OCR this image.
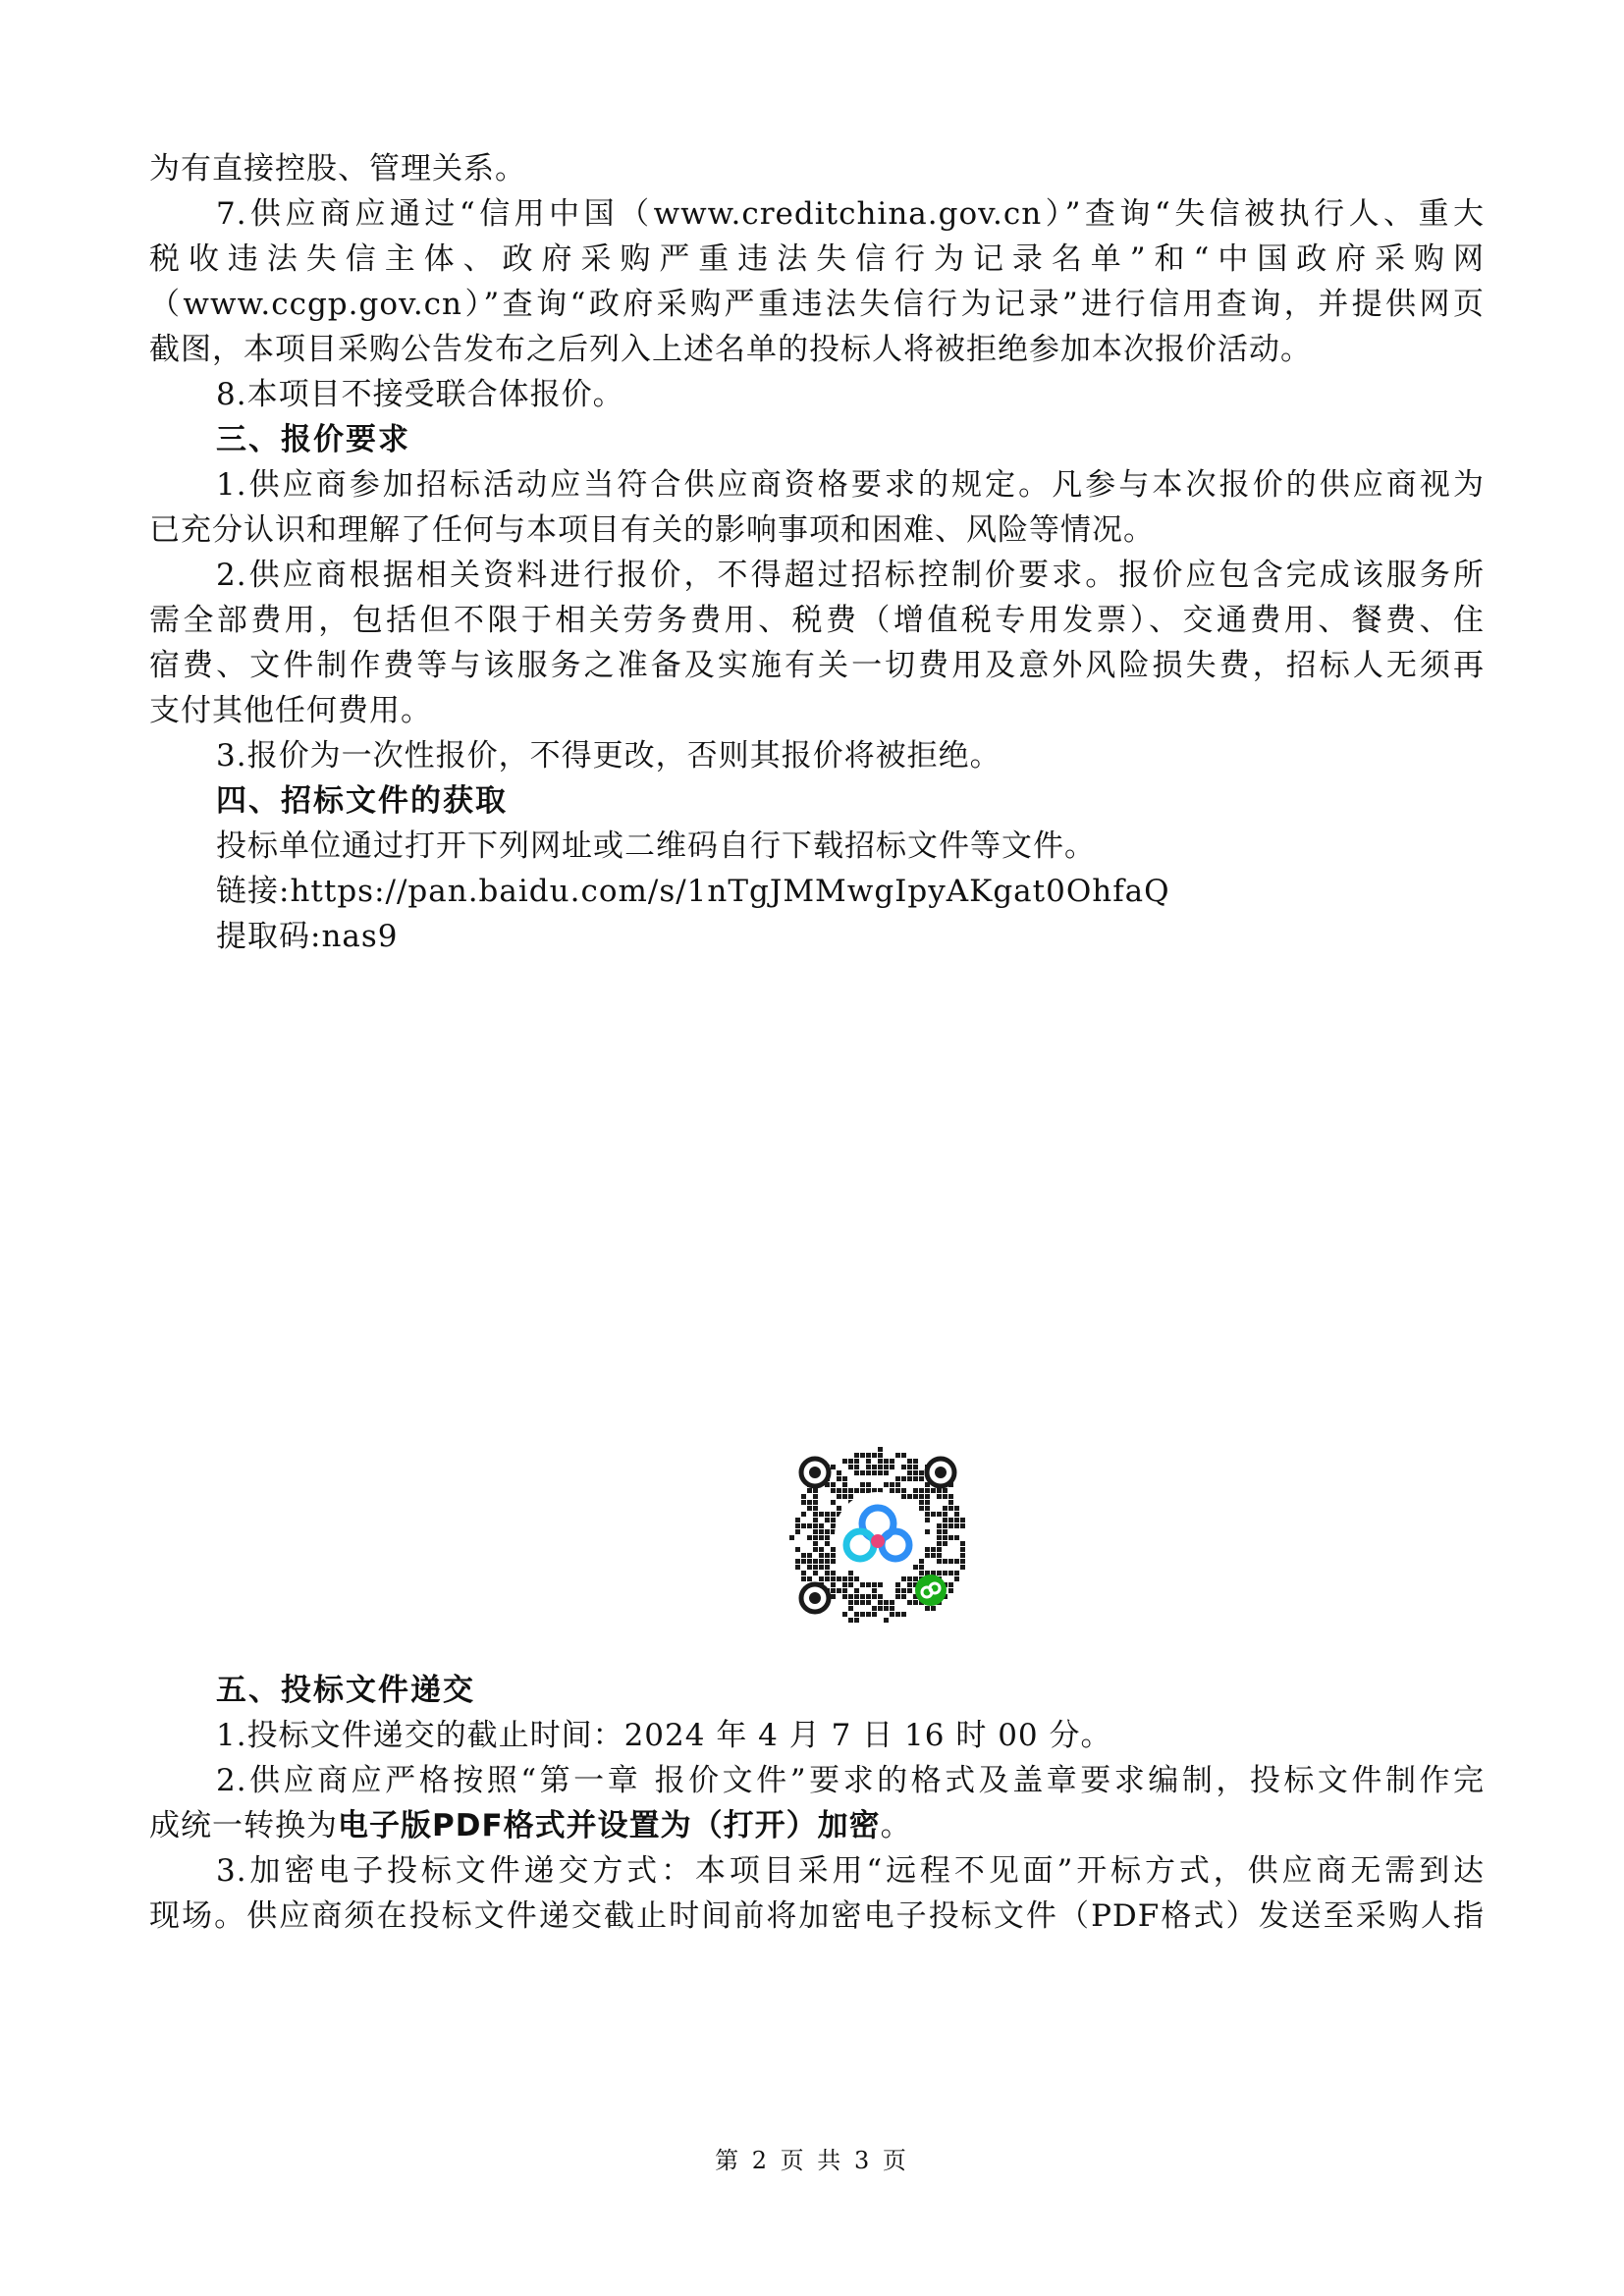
为有直接控股、管理关系。
7.供应商应通过“信用中国（www.creditchina.gov.cn）”查询“失信被执行人、重大
税收违法失信主体、政府采购严重违法失信行为记录名单”和“中国政府采购网
（www.ccgp.gov.cn）”查询“政府采购严重违法失信行为记录”进行信用查询，并提供网页
截图，本项目采购公告发布之后列入上述名单的投标人将被拒绝参加本次报价活动。
8.本项目不接受联合体报价。
三、报价要求
1.供应商参加招标活动应当符合供应商资格要求的规定。凡参与本次报价的供应商视为
已充分认识和理解了任何与本项目有关的影响事项和困难、风险等情况。
2.供应商根据相关资料进行报价，不得超过招标控制价要求。报价应包含完成该服务所
需全部费用，包括但不限于相关劳务费用、税费（增值税专用发票）、交通费用、餐费、住
宿费、文件制作费等与该服务之准备及实施有关一切费用及意外风险损失费，招标人无须再
支付其他任何费用。
3.报价为一次性报价，不得更改，否则其报价将被拒绝。
四、招标文件的获取
投标单位通过打开下列网址或二维码自行下载招标文件等文件。
链接:https://pan.baidu.com/s/1nTgJMMwgIpyAKgat0OhfaQ
提取码:nas9
五、投标文件递交
1.投标文件递交的截止时间：2024 年 4 月 7 日 16 时 00 分。
2.供应商应严格按照“第一章 报价文件”要求的格式及盖章要求编制，投标文件制作完
成统一转换为电子版PDF格式并设置为（打开）加密。
3.加密电子投标文件递交方式：本项目采用“远程不见面”开标方式，供应商无需到达
现场。供应商须在投标文件递交截止时间前将加密电子投标文件（PDF格式）发送至采购人指
第 2 页 共 3 页
